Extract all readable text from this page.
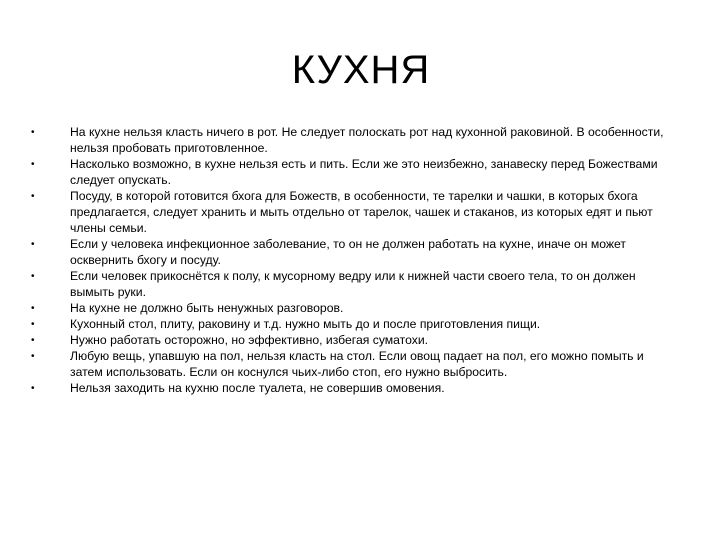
КУХНЯ
•	На кухне нельзя класть ничего в рот. Не следует полоскать рот над кухонной раковиной. В особенности, нельзя пробовать приготовленное.
•	Насколько возможно, в кухне нельзя есть и пить. Если же это неизбежно, занавеску перед Божествами следует опускать.
•	Посуду, в которой готовится бхога для Божеств, в особенности, те тарелки и чашки, в которых бхога предлагается, следует хранить и мыть отдельно от тарелок, чашек и стаканов, из которых едят и пьют члены семьи.
•	Если у человека инфекционное заболевание, то он не должен работать на кухне, иначе он может осквернить бхогу и посуду.
•	Если человек прикоснётся к полу, к мусорному ведру или к нижней части своего тела, то он должен вымыть руки.
•	На кухне не должно быть ненужных разговоров.
•	Кухонный стол, плиту, раковину и т.д. нужно мыть до и после приготовления пищи.
•	Нужно работать осторожно, но эффективно, избегая суматохи.
•	Любую вещь, упавшую на пол, нельзя класть на стол. Если овощ падает на пол, его можно помыть и затем использовать. Если он коснулся чьих-либо стоп, его нужно выбросить.
•	Нельзя заходить на кухню после туалета, не совершив омовения.
